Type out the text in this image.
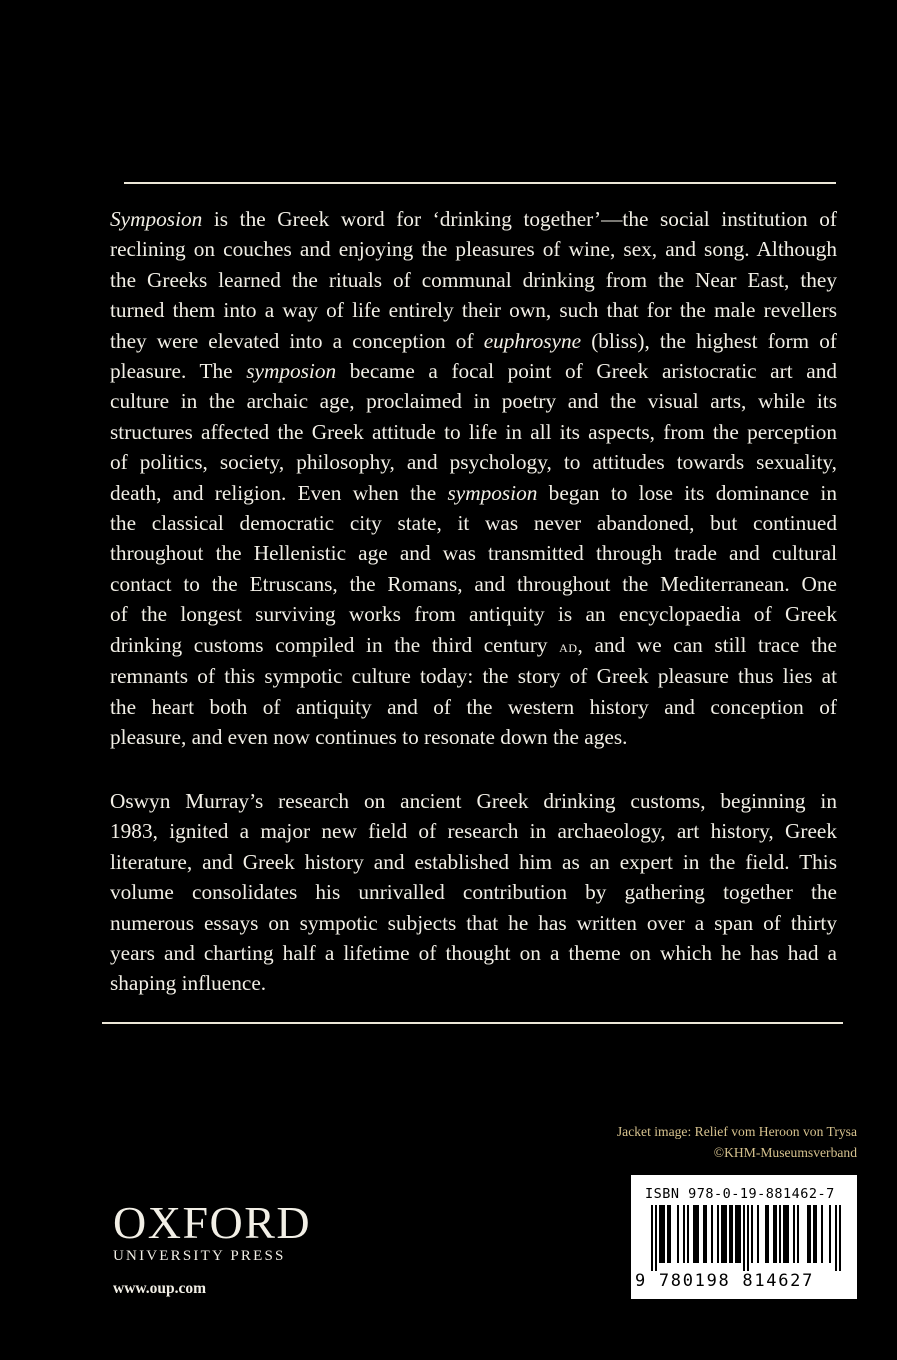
Symposion is the Greek word for ‘drinking together’—the social institution of
reclining on couches and enjoying the pleasures of wine, sex, and song. Although
the Greeks learned the rituals of communal drinking from the Near East, they
turned them into a way of life entirely their own, such that for the male revellers
they were elevated into a conception of euphrosyne (bliss), the highest form of
pleasure. The symposion became a focal point of Greek aristocratic art and
culture in the archaic age, proclaimed in poetry and the visual arts, while its
structures affected the Greek attitude to life in all its aspects, from the perception
of politics, society, philosophy, and psychology, to attitudes towards sexuality,
death, and religion. Even when the symposion began to lose its dominance in
the classical democratic city state, it was never abandoned, but continued
throughout the Hellenistic age and was transmitted through trade and cultural
contact to the Etruscans, the Romans, and throughout the Mediterranean. One
of the longest surviving works from antiquity is an encyclopaedia of Greek
drinking customs compiled in the third century ad, and we can still trace the
remnants of this sympotic culture today: the story of Greek pleasure thus lies at
the heart both of antiquity and of the western history and conception of
pleasure, and even now continues to resonate down the ages.
Oswyn Murray’s research on ancient Greek drinking customs, beginning in
1983, ignited a major new field of research in archaeology, art history, Greek
literature, and Greek history and established him as an expert in the field. This
volume consolidates his unrivalled contribution by gathering together the
numerous essays on sympotic subjects that he has written over a span of thirty
years and charting half a lifetime of thought on a theme on which he has had a
shaping influence.
Jacket image: Relief vom Heroon von Trysa
©KHM-Museumsverband
OXFORD
UNIVERSITY PRESS
www.oup.com
ISBN 978-0-19-881462-7
9 780198 814627
